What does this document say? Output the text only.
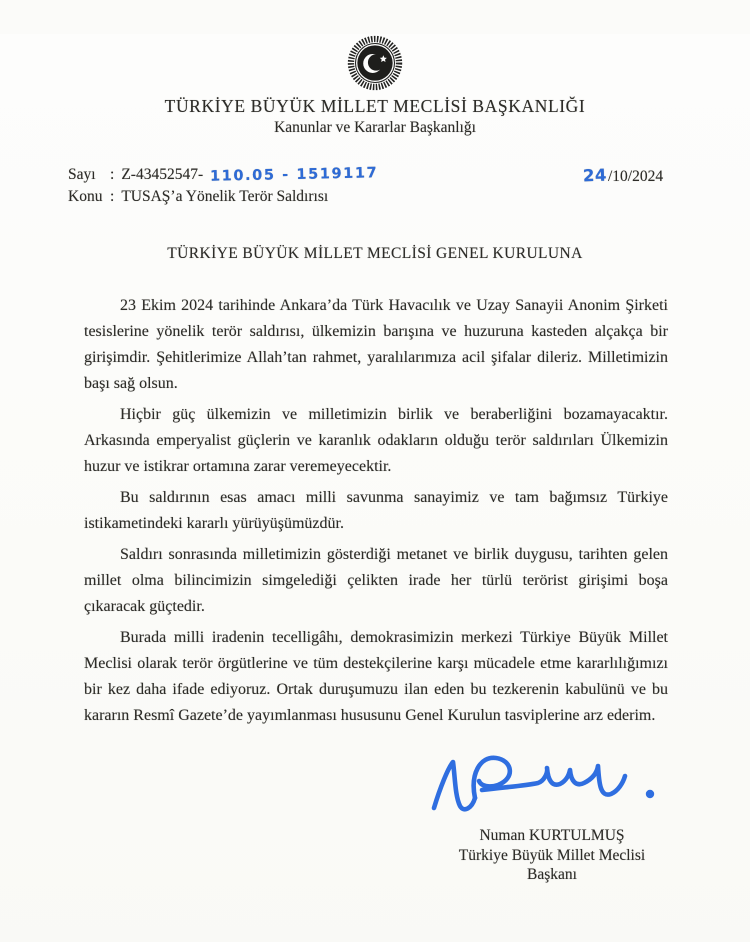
TÜRKİYE BÜYÜK MİLLET MECLİSİ BAŞKANLIĞI
Kanunlar ve Kararlar Başkanlığı
Sayı : Z-43452547- 110.05 - 1519117
Konu : TUSAŞ’a Yönelik Terör Saldırısı
24/10/2024
TÜRKİYE BÜYÜK MİLLET MECLİSİ GENEL KURULUNA

23 Ekim 2024 tarihinde Ankara’da Türk Havacılık ve Uzay Sanayii Anonim Şirketi tesislerine yönelik terör saldırısı, ülkemizin barışına ve huzuruna kasteden alçakça bir girişimdir. Şehitlerimize Allah’tan rahmet, yaralılarımıza acil şifalar dileriz. Milletimizin başı sağ olsun.

Hiçbir güç ülkemizin ve milletimizin birlik ve beraberliğini bozamayacaktır. Arkasında emperyalist güçlerin ve karanlık odakların olduğu terör saldırıları Ülkemizin huzur ve istikrar ortamına zarar veremeyecektir.

Bu saldırının esas amacı milli savunma sanayimiz ve tam bağımsız Türkiye istikametindeki kararlı yürüyüşümüzdür.

Saldırı sonrasında milletimizin gösterdiği metanet ve birlik duygusu, tarihten gelen millet olma bilincimizin simgelediği çelikten irade her türlü terörist girişimi boşa çıkaracak güçtedir.

Burada milli iradenin tecelligâhı, demokrasimizin merkezi Türkiye Büyük Millet Meclisi olarak terör örgütlerine ve tüm destekçilerine karşı mücadele etme kararlılığımızı bir kez daha ifade ediyoruz. Ortak duruşumuzu ilan eden bu tezkerenin kabulünü ve bu kararın Resmî Gazete’de yayımlanması hususunu Genel Kurulun tasviplerine arz ederim.

Numan KURTULMUŞ
Türkiye Büyük Millet Meclisi
Başkanı
